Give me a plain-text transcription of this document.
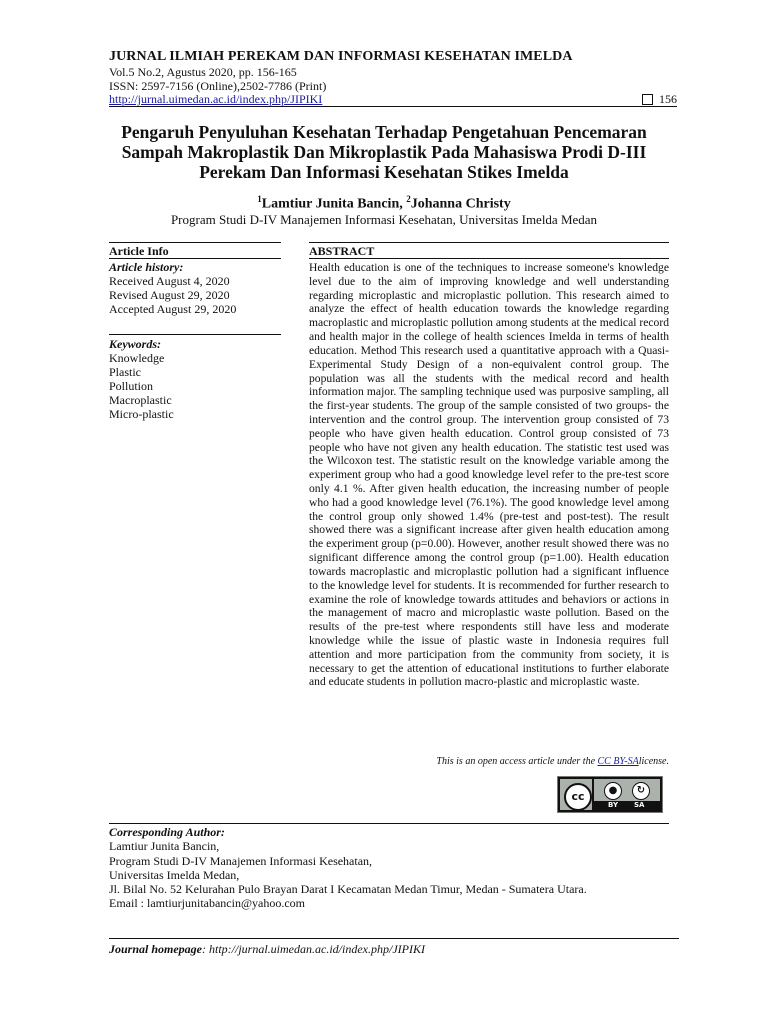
JURNAL ILMIAH PEREKAM DAN INFORMASI KESEHATAN IMELDA
Vol.5 No.2, Agustus 2020, pp. 156-165
ISSN: 2597-7156 (Online),2502-7786 (Print)
http://jurnal.uimedan.ac.id/index.php/JIPIKI	156
Pengaruh Penyuluhan Kesehatan Terhadap Pengetahuan Pencemaran Sampah Makroplastik Dan Mikroplastik Pada Mahasiswa Prodi D-III Perekam Dan Informasi Kesehatan Stikes Imelda
$^1$Lamtiur Junita Bancin, $^2$Johanna Christy
Program Studi D-IV Manajemen Informasi Kesehatan, Universitas Imelda Medan
Article Info	ABSTRACT
Article history:
Received August 4, 2020
Revised August 29, 2020
Accepted August 29, 2020
Keywords:
Knowledge
Plastic
Pollution
Macroplastic
Micro-plastic
Health education is one of the techniques to increase someone's knowledge level due to the aim of improving knowledge and well understanding regarding microplastic and microplastic pollution. This research aimed to analyze the effect of health education towards the knowledge regarding macroplastic and microplastic pollution among students at the medical record and health major in the college of health sciences Imelda in terms of health education. Method This research used a quantitative approach with a Quasi-Experimental Study Design of a non-equivalent control group. The population was all the students with the medical record and health information major. The sampling technique used was purposive sampling, all the first-year students. The group of the sample consisted of two groups- the intervention and the control group. The intervention group consisted of 73 people who have given health education. Control group consisted of 73 people who have not given any health education. The statistic test used was the Wilcoxon test. The statistic result on the knowledge variable among the experiment group who had a good knowledge level refer to the pre-test score only 4.1 %. After given health education, the increasing number of people who had a good knowledge level (76.1%). The good knowledge level among the control group only showed 1.4% (pre-test and post-test). The result showed there was a significant increase after given health education among the experiment group (p=0.00). However, another result showed there was no significant difference among the control group (p=1.00). Health education towards macroplastic and microplastic pollution had a significant influence to the knowledge level for students. It is recommended for further research to examine the role of knowledge towards attitudes and behaviors or actions in the management of macro and microplastic waste pollution. Based on the results of the pre-test where respondents still have less and moderate knowledge while the issue of plastic waste in Indonesia requires full attention and more participation from the community from society, it is necessary to get the attention of educational institutions to further elaborate and educate students in pollution macro-plastic and microplastic waste.
This is an open access article under the CC BY-SAlicense.
cc	●	↻
BY SA
Corresponding Author:
Lamtiur Junita Bancin,
Program Studi D-IV Manajemen Informasi Kesehatan,
Universitas Imelda Medan,
Jl. Bilal No. 52 Kelurahan Pulo Brayan Darat I Kecamatan Medan Timur, Medan - Sumatera Utara.
Email : lamtiurjunitabancin@yahoo.com
Journal homepage: http://jurnal.uimedan.ac.id/index.php/JIPIKI
